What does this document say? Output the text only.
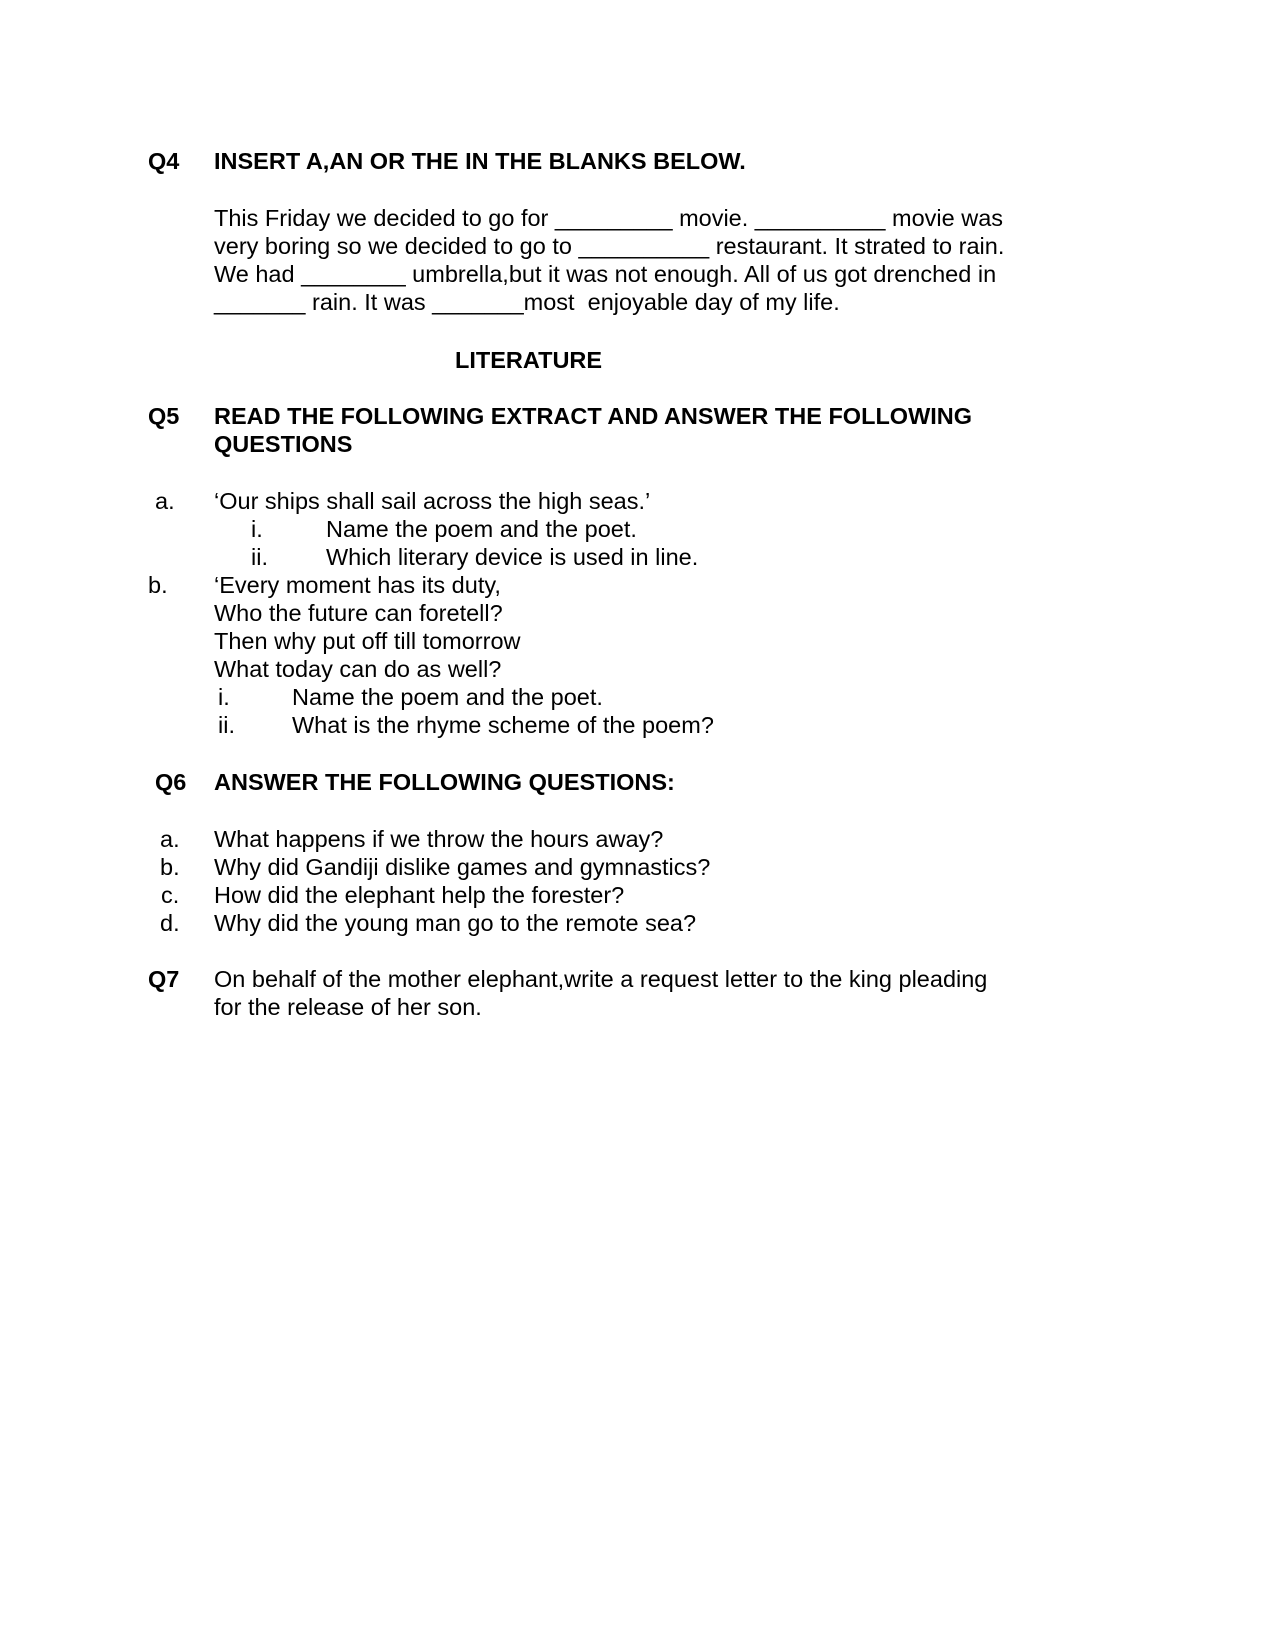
Q4 INSERT A,AN OR THE IN THE BLANKS BELOW.
This Friday we decided to go for _________ movie. __________ movie was
very boring so we decided to go to __________ restaurant. It strated to rain.
We had ________ umbrella,but it was not enough. All of us got drenched in
_______ rain. It was _______most  enjoyable day of my life.
LITERATURE
Q5 READ THE FOLLOWING EXTRACT AND ANSWER THE FOLLOWING
QUESTIONS
a. ‘Our ships shall sail across the high seas.’
i.	Name the poem and the poet.
ii. Which literary device is used in line.
b. ‘Every moment has its duty,
Who the future can foretell?
Then why put off till tomorrow
What today can do as well?
i.	Name the poem and the poet.
ii. What is the rhyme scheme of the poem?
Q6 ANSWER THE FOLLOWING QUESTIONS:
a. What happens if we throw the hours away?
b. Why did Gandiji dislike games and gymnastics?
c. How did the elephant help the forester?
d. Why did the young man go to the remote sea?
Q7 On behalf of the mother elephant,write a request letter to the king pleading
for the release of her son.
